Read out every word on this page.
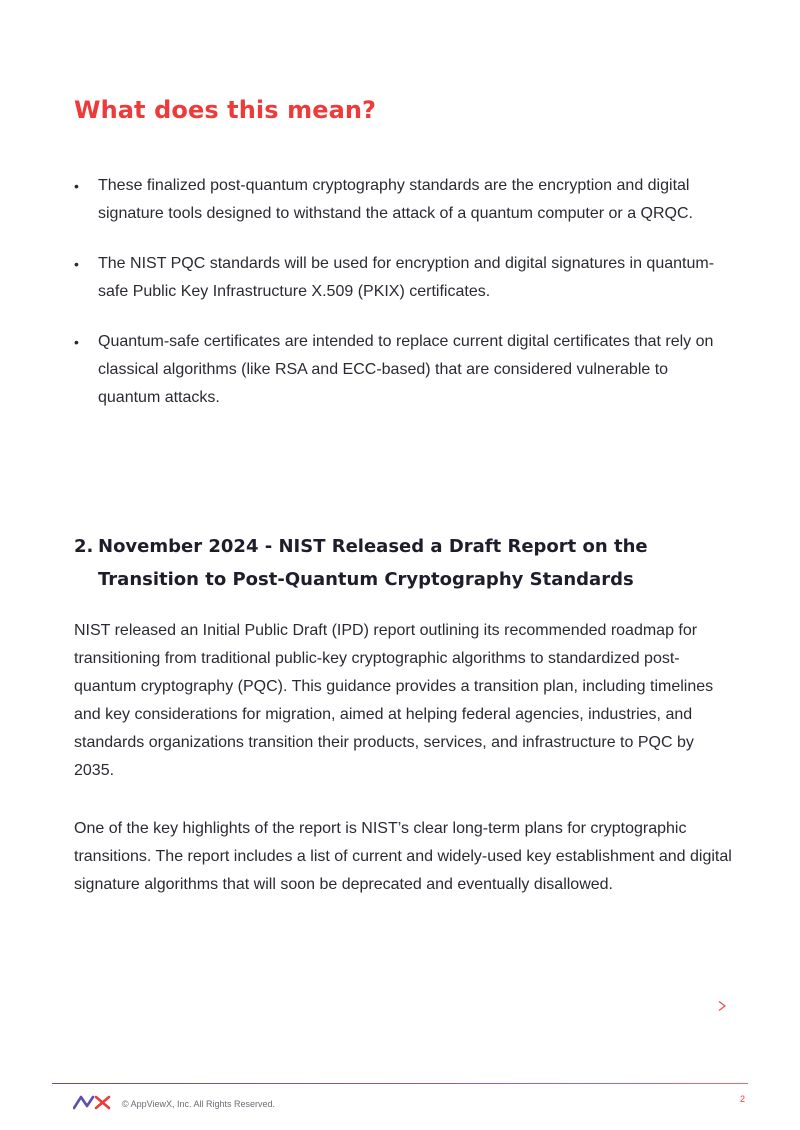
What does this mean?
•	These finalized post-quantum cryptography standards are the encryption and digital signature tools designed to withstand the attack of a quantum computer or a QRQC.
•	The NIST PQC standards will be used for encryption and digital signatures in quantum-safe Public Key Infrastructure X.509 (PKIX) certificates.
•	Quantum-safe certificates are intended to replace current digital certificates that rely on classical algorithms (like RSA and ECC-based) that are considered vulnerable to quantum attacks.
2. November 2024 - NIST Released a Draft Report on the Transition to Post-Quantum Cryptography Standards

NIST released an Initial Public Draft (IPD) report outlining its recommended roadmap for transitioning from traditional public-key cryptographic algorithms to standardized post-quantum cryptography (PQC). This guidance provides a transition plan, including timelines and key considerations for migration, aimed at helping federal agencies, industries, and standards organizations transition their products, services, and infrastructure to PQC by 2035.

One of the key highlights of the report is NIST’s clear long-term plans for cryptographic transitions. The report includes a list of current and widely-used key establishment and digital signature algorithms that will soon be deprecated and eventually disallowed.

© AppViewX, Inc. All Rights Reserved.	2
